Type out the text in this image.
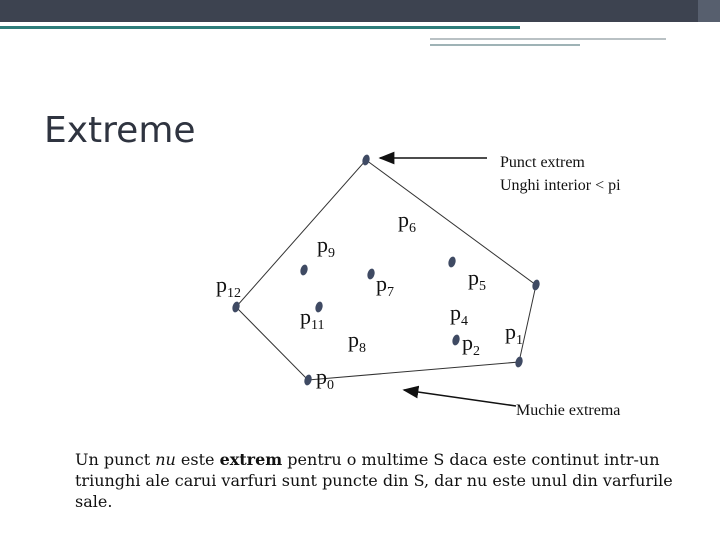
Extreme
$p_6$
$p_9$
$p_{12}$	$p_7$
$p_5$
$p_{11}$
$p_4$
$p_8$	$p_2$
$p_1$
$p_0$
Punct extrem
Unghi interior < pi
Muchie extrema
Un punct nu este extrem pentru o multime S daca este continut intr-un triunghi ale carui varfuri sunt puncte din S, dar nu este unul din varfurile sale.
